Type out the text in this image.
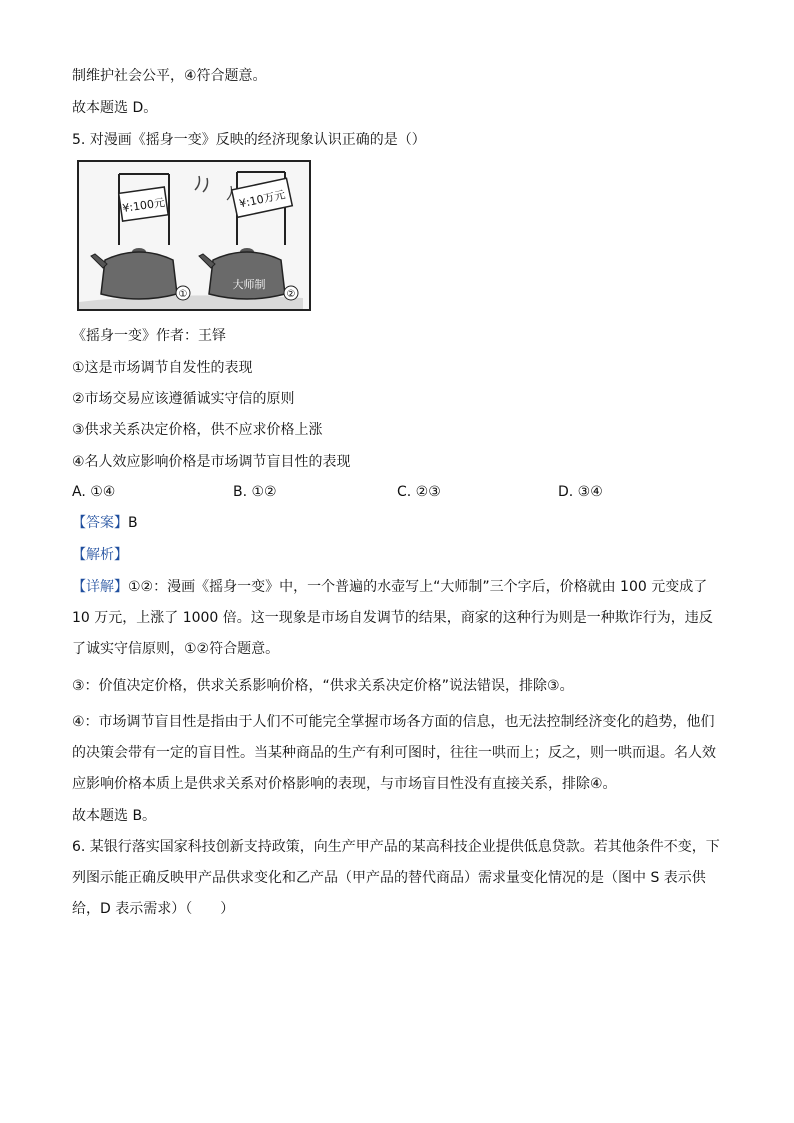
制维护社会公平，④符合题意。
故本题选 D。
5. 对漫画《摇身一变》反映的经济现象认识正确的是（）
¥:100元
①
¥:10万元
大师制
②
《摇身一变》作者：王铎
①这是市场调节自发性的表现
②市场交易应该遵循诚实守信的原则
③供求关系决定价格，供不应求价格上涨
④名人效应影响价格是市场调节盲目性的表现
A. ①④	B. ①②	C. ②③	D. ③④
【答案】B
【解析】
【详解】①②：漫画《摇身一变》中，一个普遍的水壶写上“大师制”三个字后，价格就由 100 元变成了 10 万元，上涨了 1000 倍。这一现象是市场自发调节的结果，商家的这种行为则是一种欺诈行为，违反了诚实守信原则，①②符合题意。
③：价值决定价格，供求关系影响价格，“供求关系决定价格”说法错误，排除③。
④：市场调节盲目性是指由于人们不可能完全掌握市场各方面的信息，也无法控制经济变化的趋势，他们的决策会带有一定的盲目性。当某种商品的生产有利可图时，往往一哄而上；反之，则一哄而退。名人效应影响价格本质上是供求关系对价格影响的表现，与市场盲目性没有直接关系，排除④。
故本题选 B。
6. 某银行落实国家科技创新支持政策，向生产甲产品的某高科技企业提供低息贷款。若其他条件不变，下列图示能正确反映甲产品供求变化和乙产品（甲产品的替代商品）需求量变化情况的是（图中 S 表示供给，D 表示需求）（　　）
